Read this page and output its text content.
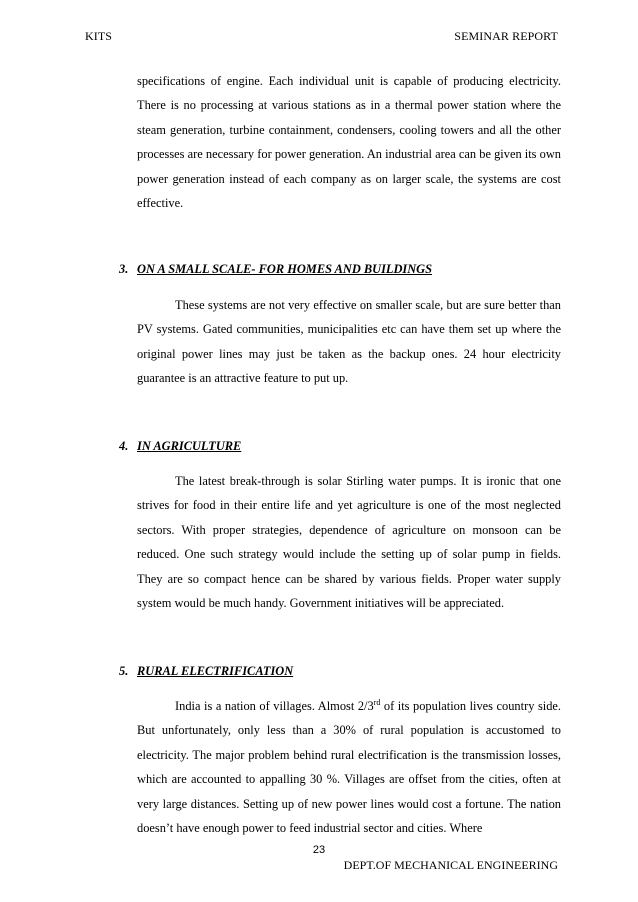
KITS	SEMINAR REPORT

specifications of engine. Each individual unit is capable of producing electricity. There is no processing at various stations as in a thermal power station where the steam generation, turbine containment, condensers, cooling towers and all the other processes are necessary for power generation. An industrial area can be given its own power generation instead of each company as on larger scale, the systems are cost effective.

3. ON A SMALL SCALE- FOR HOMES AND BUILDINGS

These systems are not very effective on smaller scale, but are sure better than PV systems. Gated communities, municipalities etc can have them set up where the original power lines may just be taken as the backup ones. 24 hour electricity guarantee is an attractive feature to put up.

4. IN AGRICULTURE

The latest break-through is solar Stirling water pumps. It is ironic that one strives for food in their entire life and yet agriculture is one of the most neglected sectors. With proper strategies, dependence of agriculture on monsoon can be reduced. One such strategy would include the setting up of solar pump in fields. They are so compact hence can be shared by various fields. Proper water supply system would be much handy. Government initiatives will be appreciated.

5. RURAL ELECTRIFICATION

India is a nation of villages. Almost 2/3rd of its population lives country side. But unfortunately, only less than a 30% of rural population is accustomed to electricity. The major problem behind rural electrification is the transmission losses, which are accounted to appalling 30 %. Villages are offset from the cities, often at very large distances. Setting up of new power lines would cost a fortune. The nation doesn’t have enough power to feed industrial sector and cities. Where

23
DEPT.OF MECHANICAL ENGINEERING
